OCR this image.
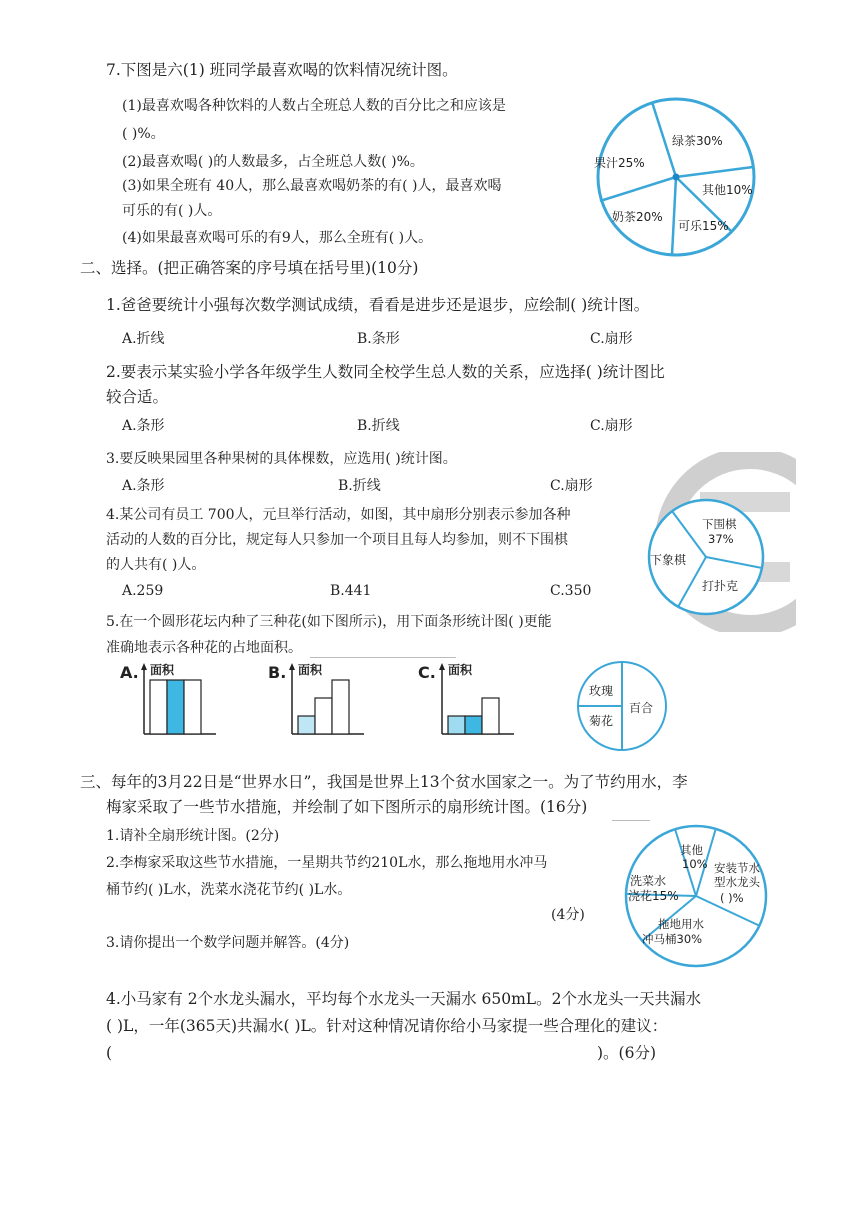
7.下图是六(1) 班同学最喜欢喝的饮料情况统计图。
(1)最喜欢喝各种饮料的人数占全班总人数的百分比之和应该是
( )%。
(2)最喜欢喝( )的人数最多，占全班总人数( )%。
(3)如果全班有 40人，那么最喜欢喝奶茶的有( )人，最喜欢喝
可乐的有( )人。
(4)如果最喜欢喝可乐的有9人，那么全班有( )人。
绿茶30%
其他10%
可乐15%
奶茶20%
果汁25%
二、选择。(把正确答案的序号填在括号里)(10分)
1.爸爸要统计小强每次数学测试成绩，看看是进步还是退步，应绘制( )统计图。
A.折线	B.条形	C.扇形
2.要表示某实验小学各年级学生人数同全校学生总人数的关系，应选择( )统计图比
较合适。
A.条形	B.折线	C.扇形
3.要反映果园里各种果树的具体棵数，应选用( )统计图。
A.条形	B.折线	C.扇形
4.某公司有员工 700人，元旦举行活动，如图，其中扇形分别表示参加各种
活动的人数的百分比，规定每人只参加一个项目且每人均参加，则不下围棋
的人共有( )人。
A.259	B.441	C.350
下围棋
37%
下象棋
打扑克
5.在一个圆形花坛内种了三种花(如下图所示)，用下面条形统计图( )更能
准确地表示各种花的占地面积。
A. 面积	B. 面积	C. 面积
玫瑰
菊花
百合
三、每年的3月22日是“世界水日”，我国是世界上13个贫水国家之一。为了节约用水，李
梅家采取了一些节水措施，并绘制了如下图所示的扇形统计图。(16分)
1.请补全扇形统计图。(2分)
2.李梅家采取这些节水措施，一星期共节约210L水，那么拖地用水冲马
桶节约( )L水，洗菜水浇花节约( )L水。
(4分)
3.请你提出一个数学问题并解答。(4分)
其他
10% 安装节水
型水龙头
( )%
洗菜水
浇花15%
拖地用水
冲马桶30%
4.小马家有 2个水龙头漏水，平均每个水龙头一天漏水 650mL。2个水龙头一天共漏水
( )L，一年(365天)共漏水( )L。针对这种情况请你给小马家提一些合理化的建议：
(	)。(6分)
